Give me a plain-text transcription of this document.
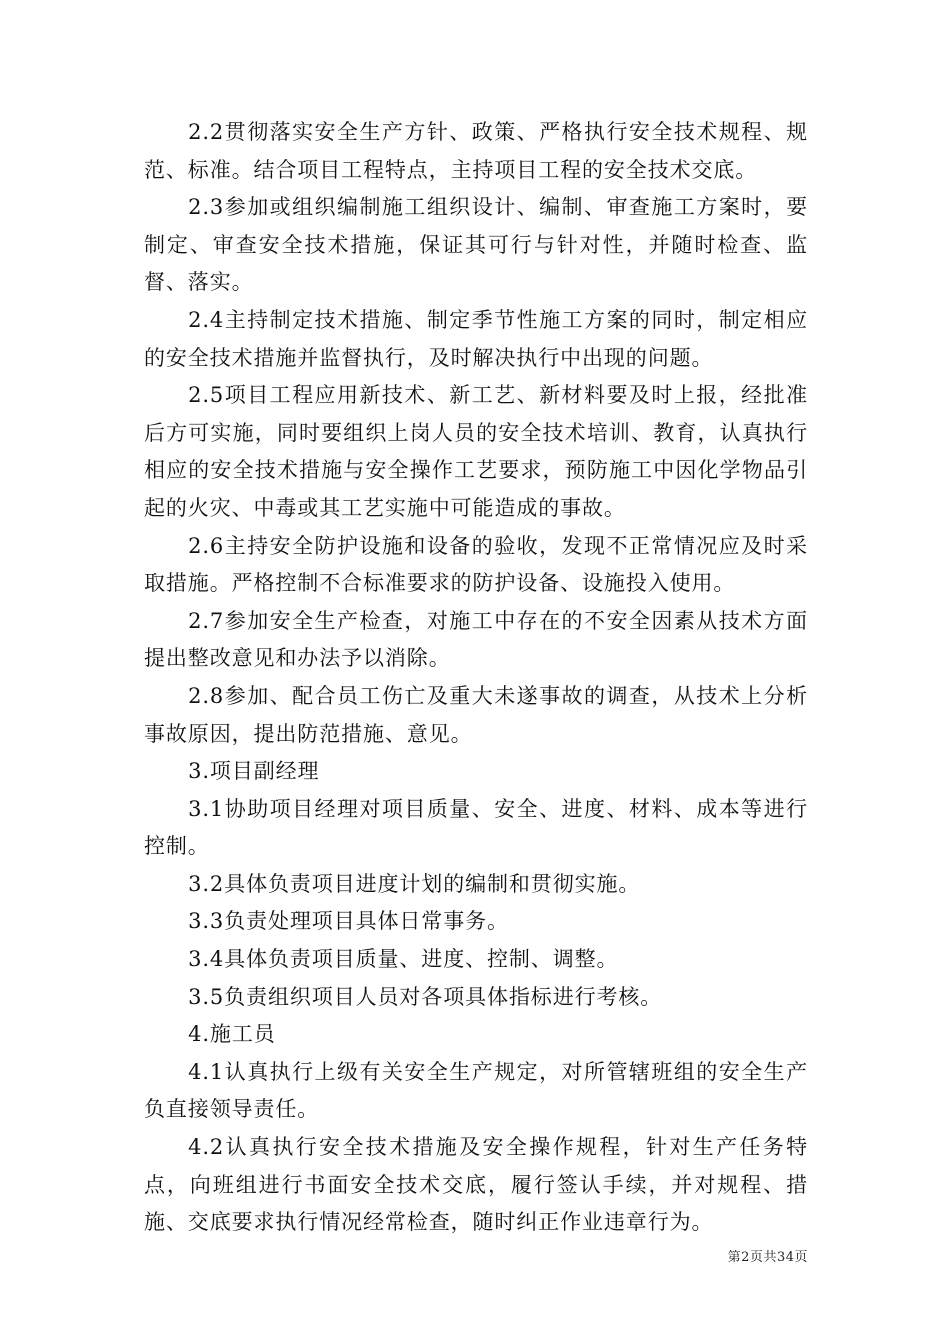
2.2贯彻落实安全生产方针、政策、严格执行安全技术规程、规范、标准。结合项目工程特点，主持项目工程的安全技术交底。

2.3参加或组织编制施工组织设计、编制、审查施工方案时，要制定、审查安全技术措施，保证其可行与针对性，并随时检查、监督、落实。

2.4主持制定技术措施、制定季节性施工方案的同时，制定相应的安全技术措施并监督执行，及时解决执行中出现的问题。

2.5项目工程应用新技术、新工艺、新材料要及时上报，经批准后方可实施，同时要组织上岗人员的安全技术培训、教育，认真执行相应的安全技术措施与安全操作工艺要求，预防施工中因化学物品引起的火灾、中毒或其工艺实施中可能造成的事故。

2.6主持安全防护设施和设备的验收，发现不正常情况应及时采取措施。严格控制不合标准要求的防护设备、设施投入使用。

2.7参加安全生产检查，对施工中存在的不安全因素从技术方面提出整改意见和办法予以消除。

2.8参加、配合员工伤亡及重大未遂事故的调查，从技术上分析事故原因，提出防范措施、意见。

3.项目副经理

3.1协助项目经理对项目质量、安全、进度、材料、成本等进行控制。

3.2具体负责项目进度计划的编制和贯彻实施。

3.3负责处理项目具体日常事务。

3.4具体负责项目质量、进度、控制、调整。

3.5负责组织项目人员对各项具体指标进行考核。

4.施工员

4.1认真执行上级有关安全生产规定，对所管辖班组的安全生产负直接领导责任。

4.2认真执行安全技术措施及安全操作规程，针对生产任务特点，向班组进行书面安全技术交底，履行签认手续，并对规程、措施、交底要求执行情况经常检查，随时纠正作业违章行为。

第2页共34页
